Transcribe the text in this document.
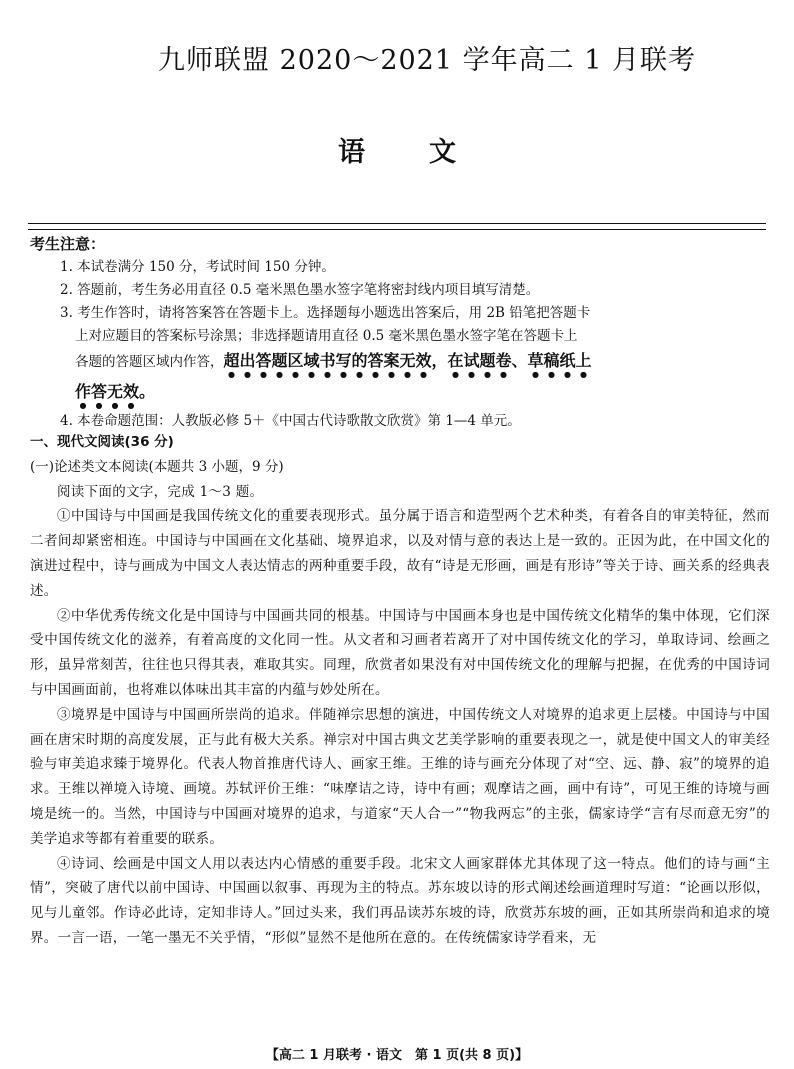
九师联盟 2020～2021 学年高二 1 月联考
语 文
考生注意：
1. 本试卷满分 150 分，考试时间 150 分钟。
2. 答题前，考生务必用直径 0.5 毫米黑色墨水签字笔将密封线内项目填写清楚。
3. 考生作答时，请将答案答在答题卡上。选择题每小题选出答案后，用 2B 铅笔把答题卡
上对应题目的答案标号涂黑；非选择题请用直径 0.5 毫米黑色墨水签字笔在答题卡上
各题的答题区域内作答，超出答题区域书写的答案无效，在试题卷、草稿纸上
作答无效。
4. 本卷命题范围：人教版必修 5＋《中国古代诗歌散文欣赏》第 1—4 单元。

一、现代文阅读(36 分)

(一)论述类文本阅读(本题共 3 小题，9 分)

阅读下面的文字，完成 1～3 题。

①中国诗与中国画是我国传统文化的重要表现形式。虽分属于语言和造型两个艺术种类，有着各自的审美特征，然而二者间却紧密相连。中国诗与中国画在文化基础、境界追求，以及对情与意的表达上是一致的。正因为此，在中国文化的演进过程中，诗与画成为中国文人表达情志的两种重要手段，故有“诗是无形画，画是有形诗”等关于诗、画关系的经典表述。

②中华优秀传统文化是中国诗与中国画共同的根基。中国诗与中国画本身也是中国传统文化精华的集中体现，它们深受中国传统文化的滋养，有着高度的文化同一性。从文者和习画者若离开了对中国传统文化的学习，单取诗词、绘画之形，虽异常刻苦，往往也只得其表，难取其实。同理，欣赏者如果没有对中国传统文化的理解与把握，在优秀的中国诗词与中国画面前，也将难以体味出其丰富的内蕴与妙处所在。

③境界是中国诗与中国画所崇尚的追求。伴随禅宗思想的演进，中国传统文人对境界的追求更上层楼。中国诗与中国画在唐宋时期的高度发展，正与此有极大关系。禅宗对中国古典文艺美学影响的重要表现之一，就是使中国文人的审美经验与审美追求臻于境界化。代表人物首推唐代诗人、画家王维。王维的诗与画充分体现了对“空、远、静、寂”的境界的追求。王维以禅境入诗境、画境。苏轼评价王维：“味摩诘之诗，诗中有画；观摩诘之画，画中有诗”，可见王维的诗境与画境是统一的。当然，中国诗与中国画对境界的追求，与道家“天人合一”“物我两忘”的主张，儒家诗学“言有尽而意无穷”的美学追求等都有着重要的联系。

④诗词、绘画是中国文人用以表达内心情感的重要手段。北宋文人画家群体尤其体现了这一特点。他们的诗与画“主情”，突破了唐代以前中国诗、中国画以叙事、再现为主的特点。苏东坡以诗的形式阐述绘画道理时写道：“论画以形似，见与儿童邻。作诗必此诗，定知非诗人。”回过头来，我们再品读苏东坡的诗，欣赏苏东坡的画，正如其所崇尚和追求的境界。一言一语，一笔一墨无不关乎情，“形似”显然不是他所在意的。在传统儒家诗学看来，无

【高二 1 月联考 · 语文　第 1 页(共 8 页)】
